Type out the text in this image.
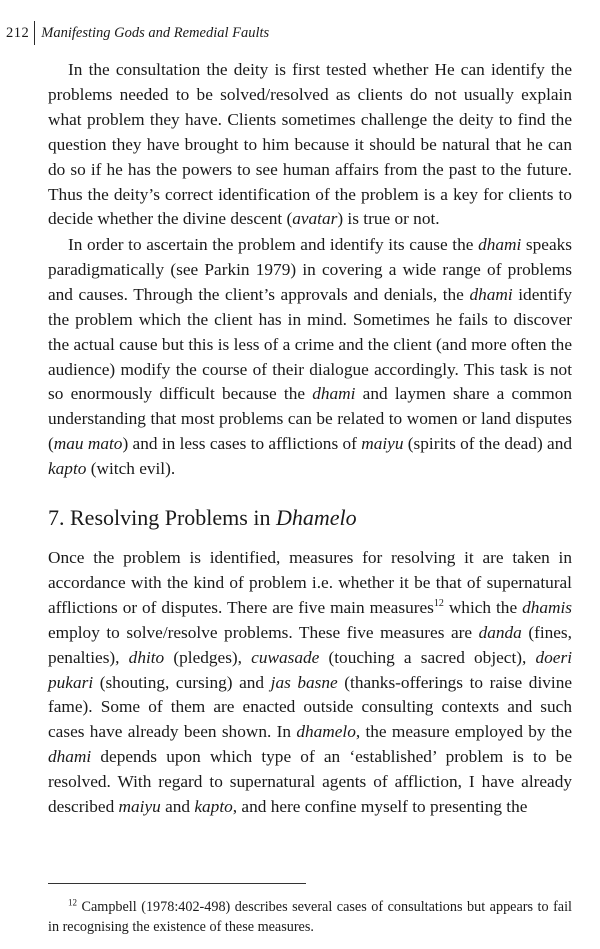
212 Manifesting Gods and Remedial Faults

In the consultation the deity is first tested whether He can identify the problems needed to be solved/resolved as clients do not usually explain what problem they have. Clients sometimes challenge the deity to find the question they have brought to him because it should be natural that he can do so if he has the powers to see human affairs from the past to the future. Thus the deity’s correct identification of the problem is a key for clients to decide whether the divine descent (avatar) is true or not.

In order to ascertain the problem and identify its cause the dhami speaks paradigmatically (see Parkin 1979) in covering a wide range of problems and causes. Through the client’s approvals and denials, the dhami identify the problem which the client has in mind. Sometimes he fails to discover the actual cause but this is less of a crime and the client (and more often the audience) modify the course of their dialogue accordingly. This task is not so enormously difficult because the dhami and laymen share a common understanding that most problems can be related to women or land disputes (mau mato) and in less cases to afflictions of maiyu (spirits of the dead) and kapto (witch evil).

7. Resolving Problems in Dhamelo

Once the problem is identified, measures for resolving it are taken in accordance with the kind of problem i.e. whether it be that of supernatural afflictions or of disputes. There are five main measures$^{12}$ which the dhamis employ to solve/resolve problems. These five measures are danda (fines, penalties), dhito (pledges), cuwasade (touching a sacred object), doeri pukari (shouting, cursing) and jas basne (thanks-offerings to raise divine fame). Some of them are enacted outside consulting contexts and such cases have already been shown. In dhamelo, the measure employed by the dhami depends upon which type of an ‘established’ problem is to be resolved. With regard to supernatural agents of affliction, I have already described maiyu and kapto, and here confine myself to presenting the

$^{12}$ Campbell (1978:402-498) describes several cases of consultations but appears to fail in recognising the existence of these measures.
